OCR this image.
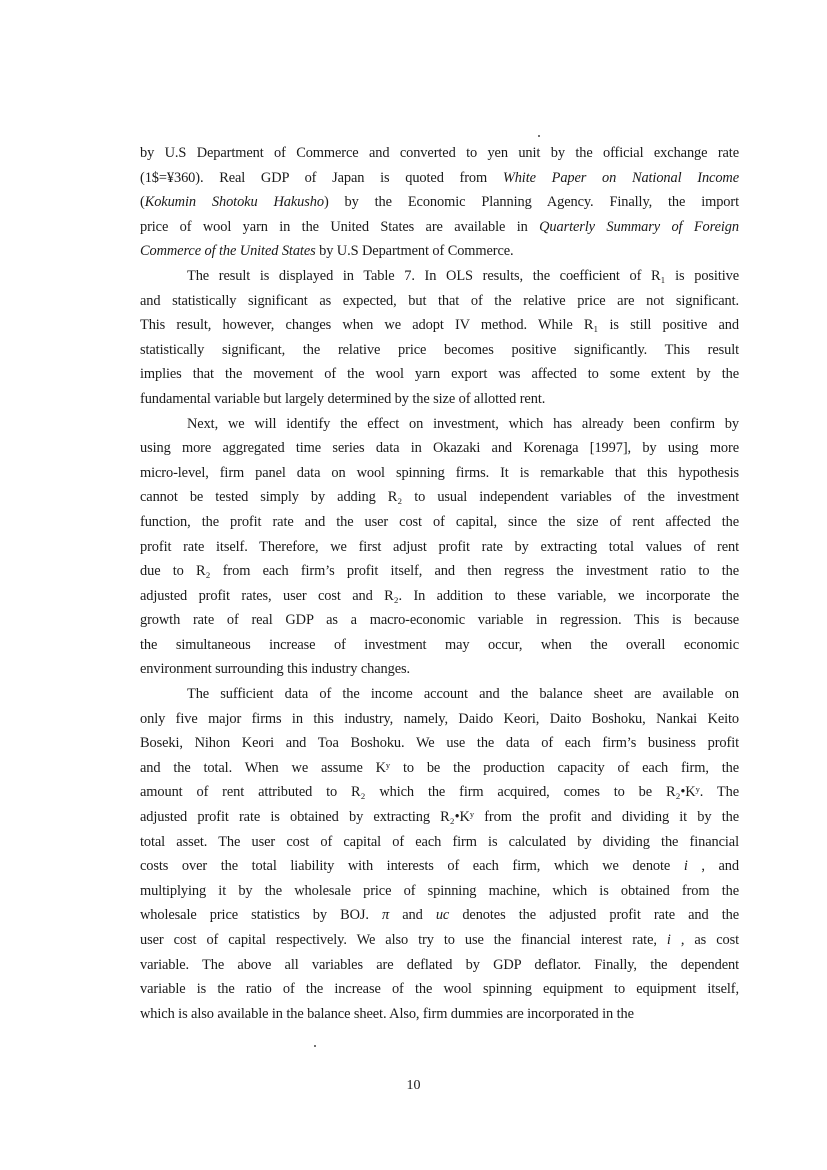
by U.S Department of Commerce and converted to yen unit by the official exchange rate
(1$=¥360). Real GDP of Japan is quoted from White Paper on National Income
(Kokumin Shotoku Hakusho) by the Economic Planning Agency. Finally, the import
price of wool yarn in the United States are available in Quarterly Summary of Foreign
Commerce of the United States by U.S Department of Commerce.
The result is displayed in Table 7. In OLS results, the coefficient of R₁ is positive
and statistically significant as expected, but that of the relative price are not significant.
This result, however, changes when we adopt IV method. While R₁ is still positive and
statistically significant, the relative price becomes positive significantly. This result
implies that the movement of the wool yarn export was affected to some extent by the
fundamental variable but largely determined by the size of allotted rent.
Next, we will identify the effect on investment, which has already been confirm by
using more aggregated time series data in Okazaki and Korenaga [1997], by using more
micro-level, firm panel data on wool spinning firms. It is remarkable that this hypothesis
cannot be tested simply by adding R₂ to usual independent variables of the investment
function, the profit rate and the user cost of capital, since the size of rent affected the
profit rate itself. Therefore, we first adjust profit rate by extracting total values of rent
due to R₂ from each firm’s profit itself, and then regress the investment ratio to the
adjusted profit rates, user cost and R₂. In addition to these variable, we incorporate the
growth rate of real GDP as a macro-economic variable in regression. This is because
the simultaneous increase of investment may occur, when the overall economic
environment surrounding this industry changes.
The sufficient data of the income account and the balance sheet are available on
only five major firms in this industry, namely, Daido Keori, Daito Boshoku, Nankai Keito
Boseki, Nihon Keori and Toa Boshoku. We use the data of each firm’s business profit
and the total. When we assume Kʸ to be the production capacity of each firm, the
amount of rent attributed to R₂ which the firm acquired, comes to be R₂•Kʸ. The
adjusted profit rate is obtained by extracting R₂•Kʸ from the profit and dividing it by the
total asset. The user cost of capital of each firm is calculated by dividing the financial
costs over the total liability with interests of each firm, which we denote i , and
multiplying it by the wholesale price of spinning machine, which is obtained from the
wholesale price statistics by BOJ. π and uc denotes the adjusted profit rate and the
user cost of capital respectively. We also try to use the financial interest rate, i , as cost
variable. The above all variables are deflated by GDP deflator. Finally, the dependent
variable is the ratio of the increase of the wool spinning equipment to equipment itself,
which is also available in the balance sheet. Also, firm dummies are incorporated in the
10
